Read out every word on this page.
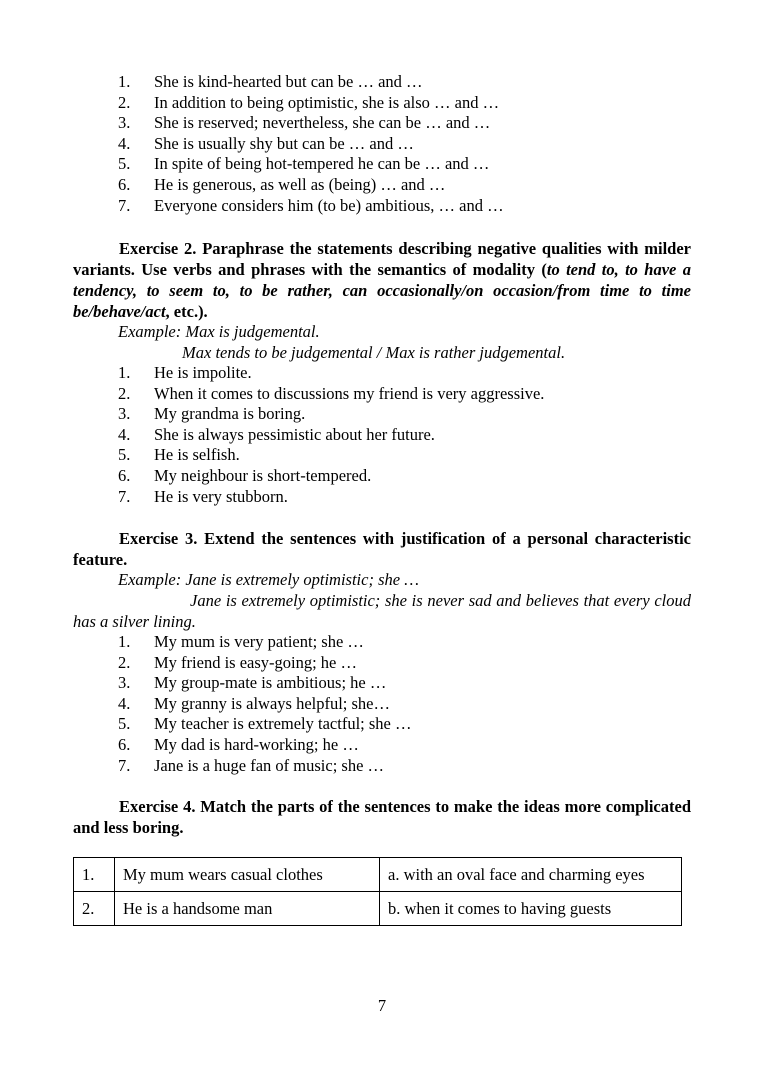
1.	She is kind-hearted but can be … and …
2.	In addition to being optimistic, she is also … and …
3.	She is reserved; nevertheless, she can be … and …
4.	She is usually shy but can be … and …
5.	In spite of being hot-tempered he can be … and …
6.	He is generous, as well as (being) … and …
7.	Everyone considers him (to be) ambitious, … and …
Exercise 2. Paraphrase the statements describing negative qualities with milder variants. Use verbs and phrases with the semantics of modality (to tend to, to have a tendency, to seem to, to be rather, can occasionally/on occasion/from time to time be/behave/act, etc.).
Example: Max is judgemental.
Max tends to be judgemental / Max is rather judgemental.
1.	He is impolite.
2.	When it comes to discussions my friend is very aggressive.
3.	My grandma is boring.
4.	She is always pessimistic about her future.
5.	He is selfish.
6.	My neighbour is short-tempered.
7.	He is very stubborn.
Exercise 3. Extend the sentences with justification of a personal characteristic feature.
Example: Jane is extremely optimistic; she …
Jane is extremely optimistic; she is never sad and believes that every cloud has a silver lining.
1.	My mum is very patient; she …
2.	My friend is easy-going; he …
3.	My group-mate is ambitious; he …
4.	My granny is always helpful; she…
5.	My teacher is extremely tactful; she …
6.	My dad is hard-working; he …
7.	Jane is a huge fan of music; she …
Exercise 4. Match the parts of the sentences to make the ideas more complicated and less boring.
1.	My mum wears casual clothes	a. with an oval face and charming eyes
2.	He is a handsome man	b. when it comes to having guests
7
